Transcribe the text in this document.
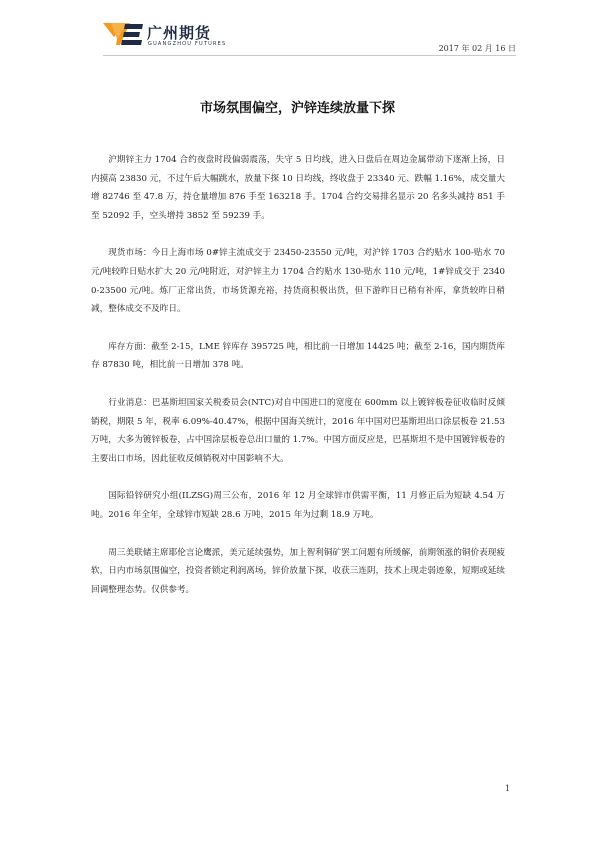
广州期货
GUANGZHOU FUTURES	2017 年 02 月 16 日
市场氛围偏空，沪锌连续放量下探

沪期锌主力 1704 合约夜盘时段偏弱震荡，失守 5 日均线，进入日盘后在周边金属带动下逐渐上扬，日内摸高 23830 元，不过午后大幅跳水，放量下探 10 日均线，终收盘于 23340 元、跌幅 1.16%，成交量大增 82746 至 47.8 万，持仓量增加 876 手至 163218 手。1704 合约交易排名显示 20 名多头减持 851 手至 52092 手，空头增持 3852 至 59239 手。

现货市场：今日上海市场 0#锌主流成交于 23450-23550 元/吨，对沪锌 1703 合约贴水 100-贴水 70 元/吨较昨日贴水扩大 20 元/吨附近，对沪锌主力 1704 合约贴水 130-贴水 110 元/吨，1#锌成交于 23400-23500 元/吨。炼厂正常出货，市场货源充裕，持货商积极出货，但下游昨日已稍有补库，拿货较昨日稍减，整体成交不及昨日。

库存方面：截至 2-15，LME 锌库存 395725 吨，相比前一日增加 14425 吨；截至 2-16，国内期货库存 87830 吨，相比前一日增加 378 吨。

行业消息：巴基斯坦国家关税委员会(NTC)对自中国进口的宽度在 600mm 以上镀锌板卷征收临时反倾销税，期限 5 年，税率 6.09%-40.47%，根据中国海关统计，2016 年中国对巴基斯坦出口涂层板卷 21.53 万吨，大多为镀锌板卷，占中国涂层板卷总出口量的 1.7%。中国方面反应是，巴基斯坦不是中国镀锌板卷的主要出口市场，因此征收反倾销税对中国影响不大。

国际铅锌研究小组(ILZSG)周三公布，2016 年 12 月全球锌市供需平衡，11 月修正后为短缺 4.54 万吨。2016 年全年，全球锌市短缺 28.6 万吨，2015 年为过剩 18.9 万吨。

周三美联储主席耶伦言论鹰派，美元延续强势，加上智利铜矿罢工问题有所缓解，前期领涨的铜价表现疲软，日内市场氛围偏空，投资者锁定利润离场，锌价放量下探，收获三连阴，技术上现走弱迹象，短期或延续回调整理态势。仅供参考。

1
